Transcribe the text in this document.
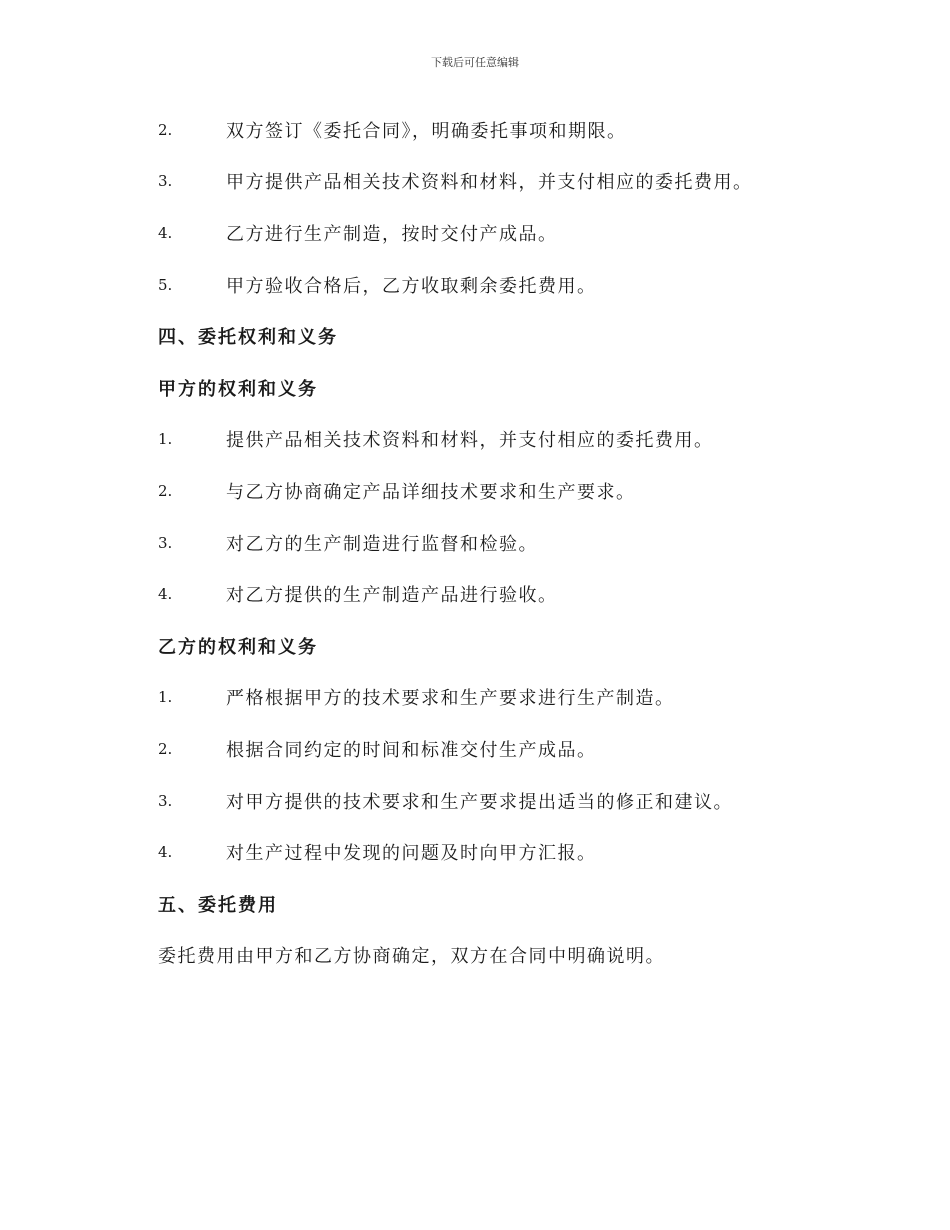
下载后可任意编辑
2.	双方签订《委托合同》，明确委托事项和期限。
3.	甲方提供产品相关技术资料和材料，并支付相应的委托费用。
4.	乙方进行生产制造，按时交付产成品。
5.	甲方验收合格后，乙方收取剩余委托费用。
四、委托权利和义务
甲方的权利和义务
1.	提供产品相关技术资料和材料，并支付相应的委托费用。
2.	与乙方协商确定产品详细技术要求和生产要求。
3.	对乙方的生产制造进行监督和检验。
4.	对乙方提供的生产制造产品进行验收。
乙方的权利和义务
1.	严格根据甲方的技术要求和生产要求进行生产制造。
2.	根据合同约定的时间和标准交付生产成品。
3.	对甲方提供的技术要求和生产要求提出适当的修正和建议。
4.	对生产过程中发现的问题及时向甲方汇报。
五、委托费用
委托费用由甲方和乙方协商确定，双方在合同中明确说明。
